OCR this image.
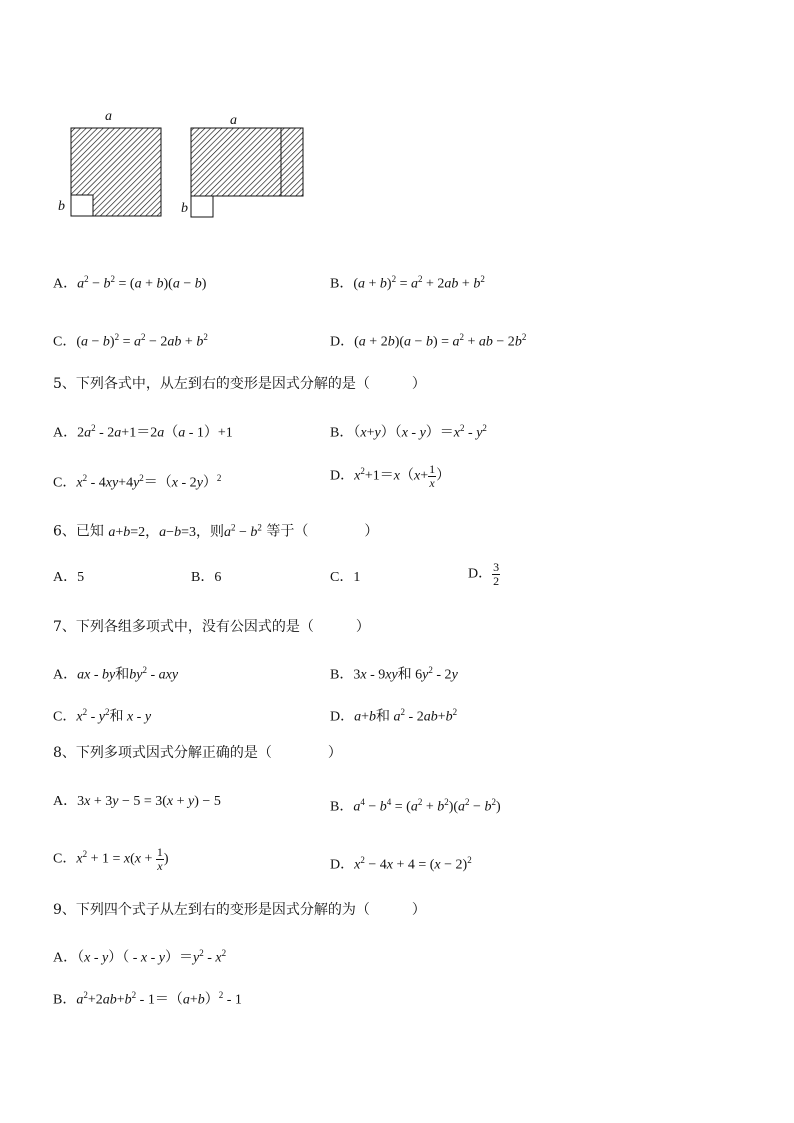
a
b
a
b
A．$a^2 - b^2 = (a + b)(a - b)$	B．$(a + b)^2 = a^2 + 2ab + b^2$
C．$(a - b)^2 = a^2 - 2ab + b^2$	D．$(a + 2b)(a - b) = a^2$ + ab − $2b^2$
5、下列各式中，从左到右的变形是因式分解的是（　　　）
A．$2a^2 - 2a+1=2a(a - 1)+1$	B．$(x+y)(x - y)=x^2 - y^2$
C．$x^2 - 4xy+4y^2=(x - 2y)^2$	D．$x^2+1=x(x+ \frac{1}{x}$ ）
6、已知 a+b=2，a−b=3，则$a^2 - b^2$ 等于（　　　　）
A．5	B．6	C．1	D． $\frac{3}{2}$
7、下列各组多项式中，没有公因式的是（　　　）
A．ax - by和$by^2$ - axy	B．3x - 9xy和 $6y^2 - 2y$
C．$x^2 - y^2$和 x - y	D．a+b和 $a^2 - 2ab+b^2$
8、下列多项式因式分解正确的是（　　　　）
A．3x + 3y − 5 = 3(x + y) − 5	B．$a^4 - b^4 = (a^2 + b^2)(a^2 - b^2)$
C．$x^2 + 1 = x(x + \frac{1}{x}$ )	D．$x^2 - 4x + 4 = (x - 2)^2$
9、下列四个式子从左到右的变形是因式分解的为（　　　）
A．$(x - y)( - x - y)=y^2 - x^2$
B．$a^2+2ab+b^2 - 1=(a+b)^2 - 1$
